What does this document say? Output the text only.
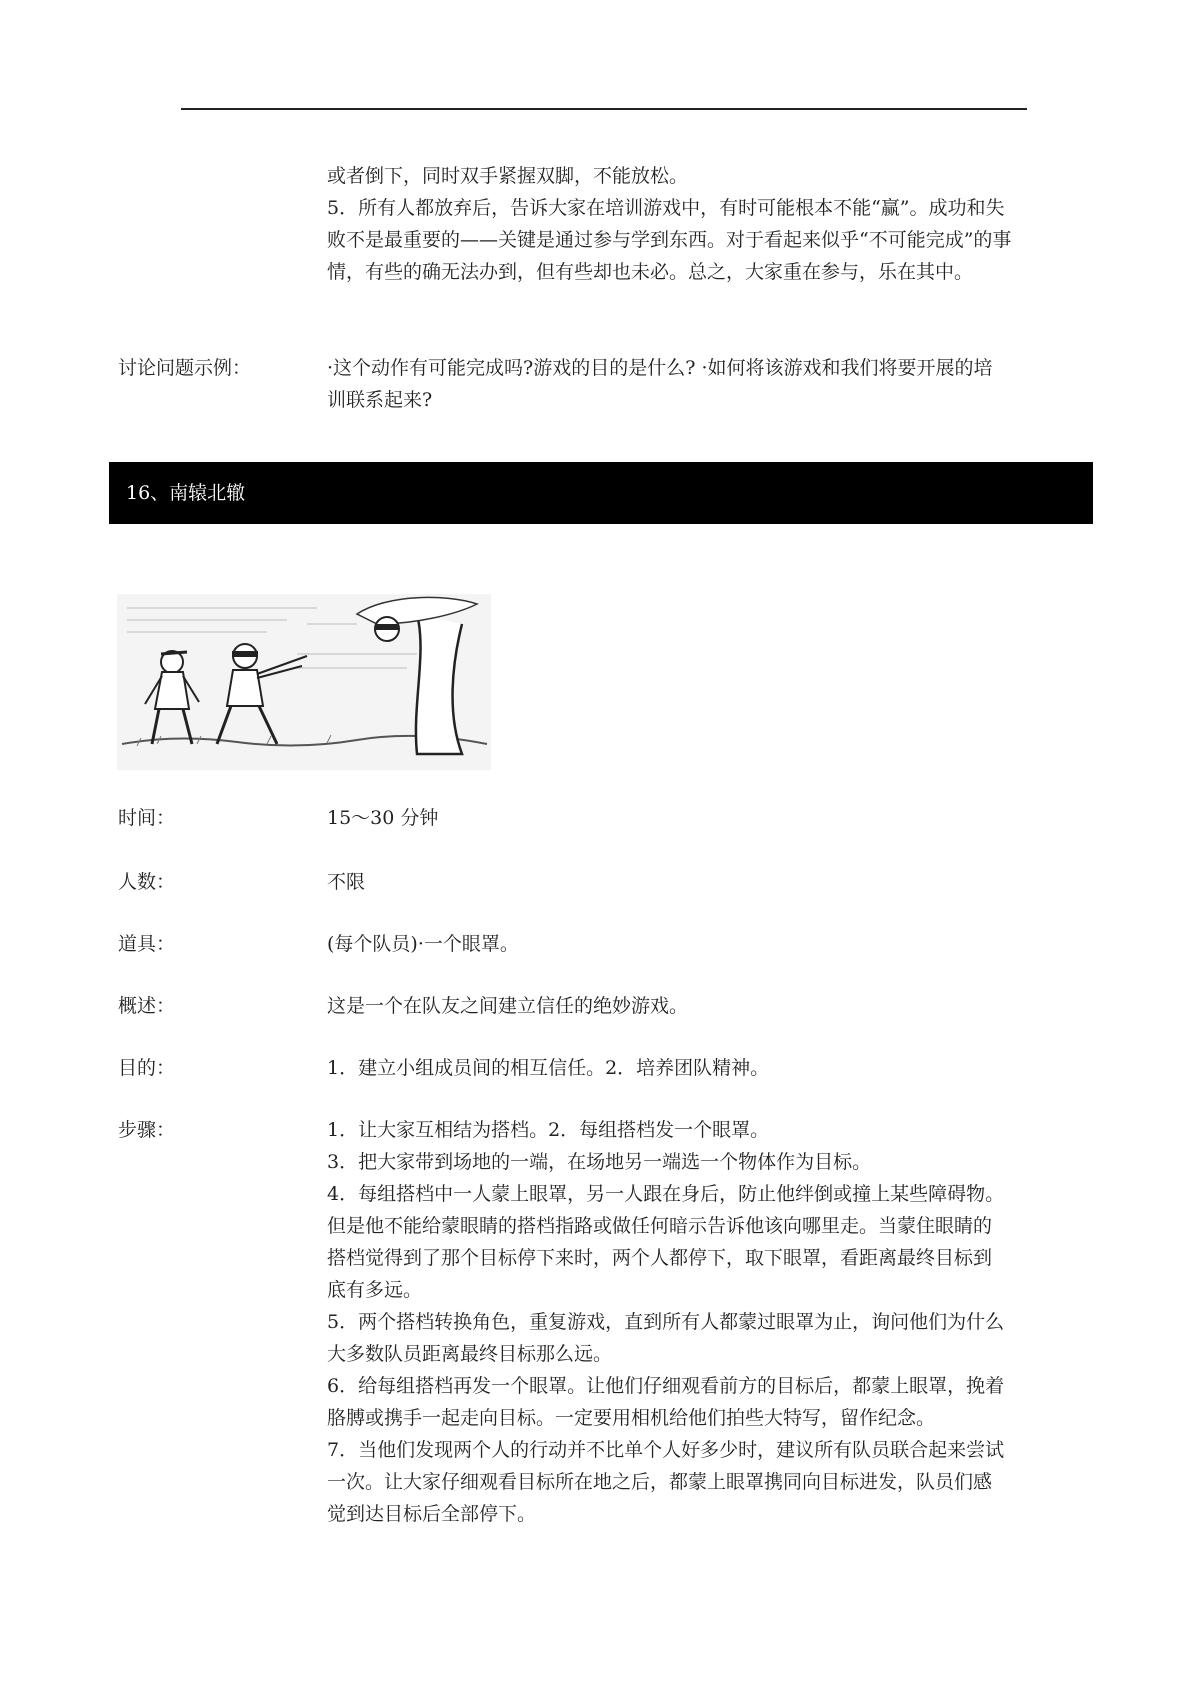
或者倒下，同时双手紧握双脚，不能放松。
5．所有人都放弃后，告诉大家在培训游戏中，有时可能根本不能“赢”。成功和失
败不是最重要的——关键是通过参与学到东西。对于看起来似乎“不可能完成”的事
情，有些的确无法办到，但有些却也未必。总之，大家重在参与，乐在其中。

讨论问题示例：	·这个动作有可能完成吗?游戏的目的是什么? ·如何将该游戏和我们将要开展的培
训联系起来?

16、南辕北辙

时间：	15～30 分钟

人数：	不限

道具：	(每个队员)·一个眼罩。

概述：	这是一个在队友之间建立信任的绝妙游戏。

目的：	1．建立小组成员间的相互信任。2．培养团队精神。

步骤：	1．让大家互相结为搭档。2．每组搭档发一个眼罩。
3．把大家带到场地的一端，在场地另一端选一个物体作为目标。
4．每组搭档中一人蒙上眼罩，另一人跟在身后，防止他绊倒或撞上某些障碍物。
但是他不能给蒙眼睛的搭档指路或做任何暗示告诉他该向哪里走。当蒙住眼睛的
搭档觉得到了那个目标停下来时，两个人都停下，取下眼罩，看距离最终目标到
底有多远。
5．两个搭档转换角色，重复游戏，直到所有人都蒙过眼罩为止，询问他们为什么
大多数队员距离最终目标那么远。
6．给每组搭档再发一个眼罩。让他们仔细观看前方的目标后，都蒙上眼罩，挽着
胳膊或携手一起走向目标。一定要用相机给他们拍些大特写，留作纪念。
7．当他们发现两个人的行动并不比单个人好多少时，建议所有队员联合起来尝试
一次。让大家仔细观看目标所在地之后，都蒙上眼罩携同向目标进发，队员们感
觉到达目标后全部停下。
